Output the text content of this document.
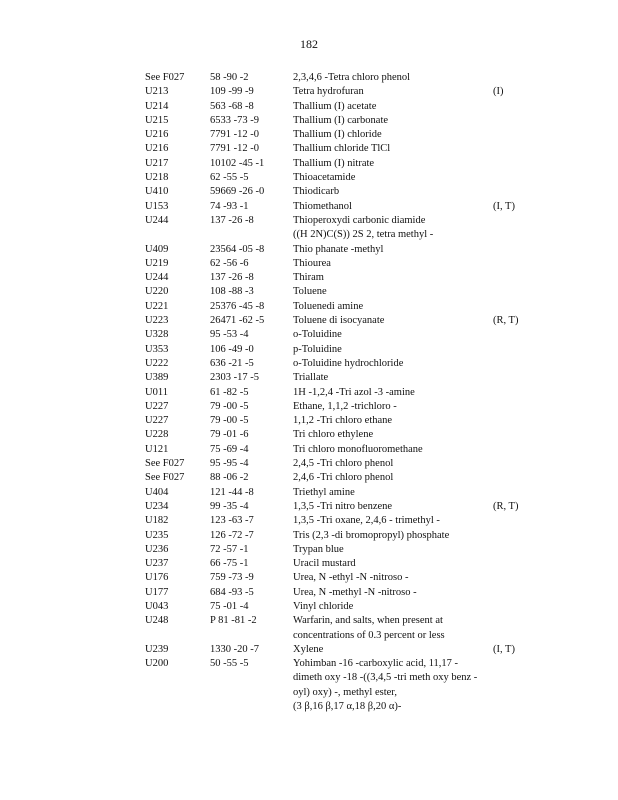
182
See F027	58 -90 -2	2,3,4,6 -Tetra chloro phenol
U213	109 -99 -9	Tetra hydrofuran	(I)
U214	563 -68 -8	Thallium (I) acetate
U215	6533 -73 -9	Thallium (I) carbonate
U216	7791 -12 -0	Thallium (I) chloride
U216	7791 -12 -0	Thallium chloride TlCl
U217	10102 -45 -1	Thallium (I) nitrate
U218	62 -55 -5	Thioacetamide
U410	59669 -26 -0	Thiodicarb
U153	74 -93 -1	Thiomethanol	(I, T)
U244	137 -26 -8	Thioperoxydi carbonic diamide
((H 2N)C(S)) 2S 2, tetra methyl -
U409	23564 -05 -8	Thio phanate -methyl
U219	62 -56 -6	Thiourea
U244	137 -26 -8	Thiram
U220	108 -88 -3	Toluene
U221	25376 -45 -8	Toluenedi amine
U223	26471 -62 -5	Toluene di isocyanate	(R, T)
U328	95 -53 -4	o-Toluidine
U353	106 -49 -0	p-Toluidine
U222	636 -21 -5	o-Toluidine hydrochloride
U389	2303 -17 -5	Triallate
U011	61 -82 -5	1H -1,2,4 -Tri azol -3 -amine
U227	79 -00 -5	Ethane, 1,1,2 -trichloro -
U227	79 -00 -5	1,1,2 -Tri chloro ethane
U228	79 -01 -6	Tri chloro ethylene
U121	75 -69 -4	Tri chloro monofluoromethane
See F027	95 -95 -4	2,4,5 -Tri chloro phenol
See F027	88 -06 -2	2,4,6 -Tri chloro phenol
U404	121 -44 -8	Triethyl amine
U234	99 -35 -4	1,3,5 -Tri nitro benzene	(R, T)
U182	123 -63 -7	1,3,5 -Tri oxane, 2,4,6 - trimethyl -
U235	126 -72 -7	Tris (2,3 -di bromopropyl) phosphate
U236	72 -57 -1	Trypan blue
U237	66 -75 -1	Uracil mustard
U176	759 -73 -9	Urea, N -ethyl -N -nitroso -
U177	684 -93 -5	Urea, N -methyl -N -nitroso -
U043	75 -01 -4	Vinyl chloride
U248	P 81 -81 -2	Warfarin, and salts, when present at
concentrations of 0.3 percent or less
U239	1330 -20 -7	Xylene	(I, T)
U200	50 -55 -5	Yohimban -16 -carboxylic acid, 11,17 -
dimeth oxy -18 -((3,4,5 -tri meth oxy benz -
oyl) oxy) -, methyl ester,
(3 β,16 β,17 α,18 β,20 α)-
